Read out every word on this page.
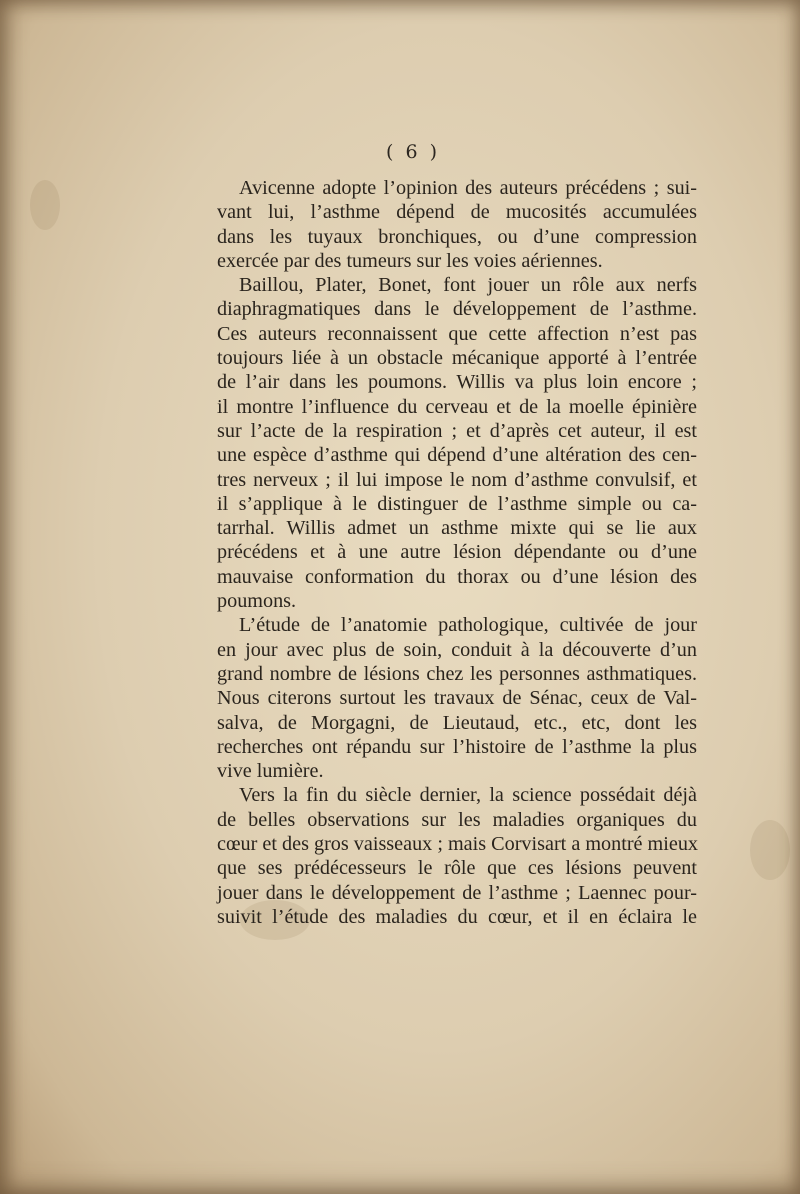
( 6 )

Avicenne adopte l’opinion des auteurs précédens ; sui-
vant lui, l’asthme dépend de mucosités accumulées
dans les tuyaux bronchiques, ou d’une compression
exercée par des tumeurs sur les voies aériennes.

Baillou, Plater, Bonet, font jouer un rôle aux nerfs
diaphragmatiques dans le développement de l’asthme.
Ces auteurs reconnaissent que cette affection n’est pas
toujours liée à un obstacle mécanique apporté à l’entrée
de l’air dans les poumons. Willis va plus loin encore ;
il montre l’influence du cerveau et de la moelle épinière
sur l’acte de la respiration ; et d’après cet auteur, il est
une espèce d’asthme qui dépend d’une altération des cen-
tres nerveux ; il lui impose le nom d’asthme convulsif, et
il s’applique à le distinguer de l’asthme simple ou ca-
tarrhal. Willis admet un asthme mixte qui se lie aux
précédens et à une autre lésion dépendante ou d’une
mauvaise conformation du thorax ou d’une lésion des
poumons.

L’étude de l’anatomie pathologique, cultivée de jour
en jour avec plus de soin, conduit à la découverte d’un
grand nombre de lésions chez les personnes asthmatiques.
Nous citerons surtout les travaux de Sénac, ceux de Val-
salva, de Morgagni, de Lieutaud, etc., etc, dont les
recherches ont répandu sur l’histoire de l’asthme la plus
vive lumière.

Vers la fin du siècle dernier, la science possédait déjà
de belles observations sur les maladies organiques du
cœur et des gros vaisseaux ; mais Corvisart a montré mieux
que ses prédécesseurs le rôle que ces lésions peuvent
jouer dans le développement de l’asthme ; Laennec pour-
suivit l’étude des maladies du cœur, et il en éclaira le
